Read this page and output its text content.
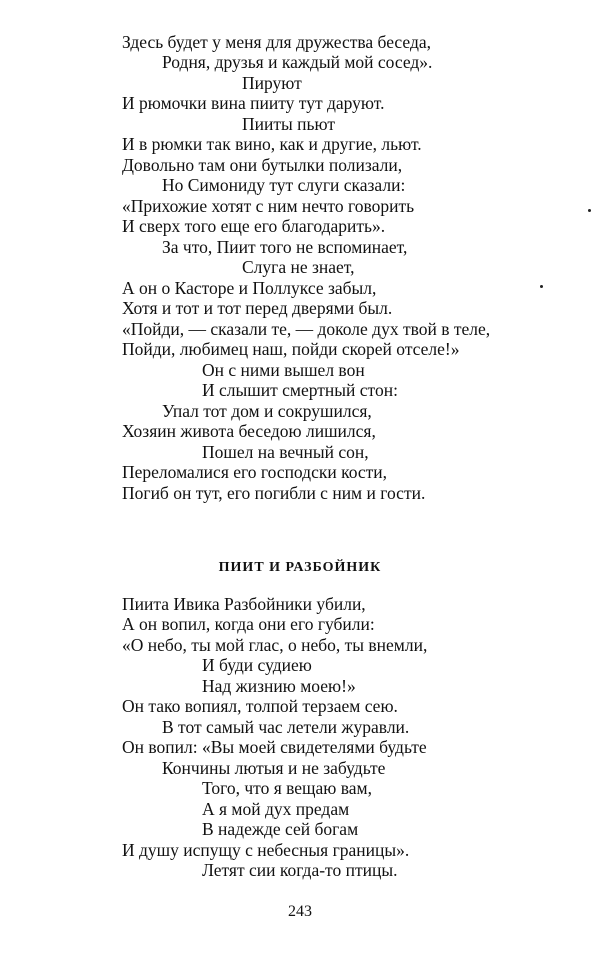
Здесь будет у меня для дружества беседа,
Родня, друзья и каждый мой сосед».
Пируют
И рюмочки вина пииту тут даруют.
Пииты пьют
И в рюмки так вино, как и другие, льют.
Довольно там они бутылки полизали,
Но Симониду тут слуги сказали:
«Прихожие хотят с ним нечто говорить
И сверх того еще его благодарить».
За что, Пиит того не вспоминает,
Слуга не знает,
А он о Касторе и Поллуксе забыл,
Хотя и тот и тот перед дверями был.
«Пойди, — сказали те, — доколе дух твой в теле,
Пойди, любимец наш, пойди скорей отселе!»
Он с ними вышел вон
И слышит смертный стон:
Упал тот дом и сокрушился,
Хозяин живота беседою лишился,
Пошел на вечный сон,
Переломалися его господски кости,
Погиб он тут, его погибли с ним и гости.
ПИИТ И РАЗБОЙНИК
Пиита Ивика Разбойники убили,
А он вопил, когда они его губили:
«О небо, ты мой глас, о небо, ты внемли,
И буди судиею
Над жизнию моею!»
Он тако вопиял, толпой терзаем сею.
В тот самый час летели журавли.
Он вопил: «Вы моей свидетелями будьте
Кончины лютыя и не забудьте
Того, что я вещаю вам,
А я мой дух предам
В надежде сей богам
И душу испущу с небесныя границы».
Летят сии когда-то птицы.
243
